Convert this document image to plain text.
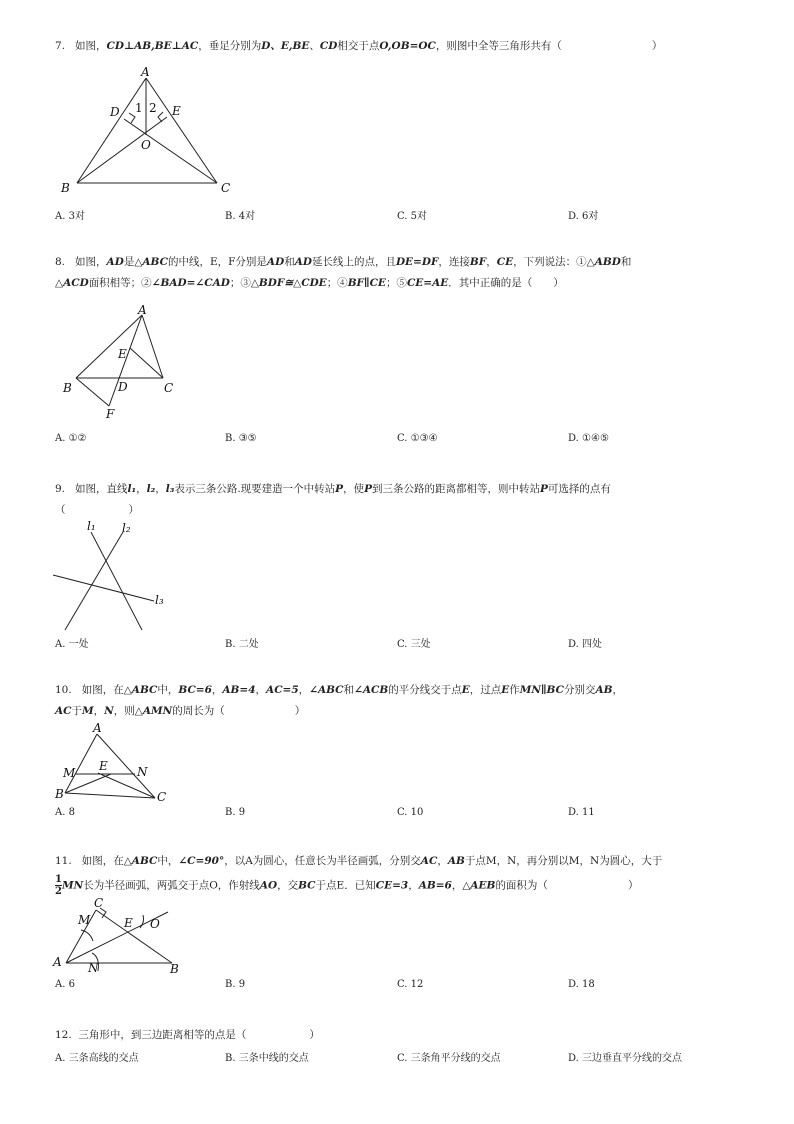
7. 如图，CD⊥AB,BE⊥AC，垂足分别为D、E,BE、CD相交于点O,OB=OC，则图中全等三角形共有（	）
A
D	E
1 2
O
B	C
A. 3对	B. 4对	C. 5对	D. 6对
8. 如图，AD是△ABC的中线，E，F分别是AD和AD延长线上的点，且DE=DF，连接BF，CE，下列说法：①△ABD和
△ACD面积相等；②∠BAD=∠CAD；③△BDF≅△CDE；④BF∥CE；⑤CE=AE．其中正确的是（　　）
A
E
B	D	C
F
A. ①②	B. ③⑤	C. ①③④	D. ①④⑤
9. 如图，直线l₁，l₂，l₃表示三条公路.现要建造一个中转站P，使P到三条公路的距离都相等，则中转站P可选择的点有
（　　　　　　）
l₁ l₂
l₃
A. 一处	B. 二处	C. 三处	D. 四处
10. 如图，在△ABC中，BC=6，AB=4，AC=5，∠ABC和∠ACB的平分线交于点E，过点E作MN∥BC分别交AB，
AC于M，N，则△AMN的周长为（	）
A
M E N
B	C
A. 8	B. 9	C. 10	D. 11
11. 如图，在△ABC中，∠C=90°，以A为圆心，任意长为半径画弧，分别交AC，AB于点M，N，再分别以M，N为圆心，大于
$\frac{1}{2}$ MN长为半径画弧，两弧交于点O，作射线AO，交BC于点E．已知CE=3，AB=6，△AEB的面积为（	）
C
M	E O
A N	B
A. 6	B. 9	C. 12	D. 18
12. 三角形中，到三边距离相等的点是（　　　　　　）
A. 三条高线的交点	B. 三条中线的交点	C. 三条角平分线的交点	D. 三边垂直平分线的交点
